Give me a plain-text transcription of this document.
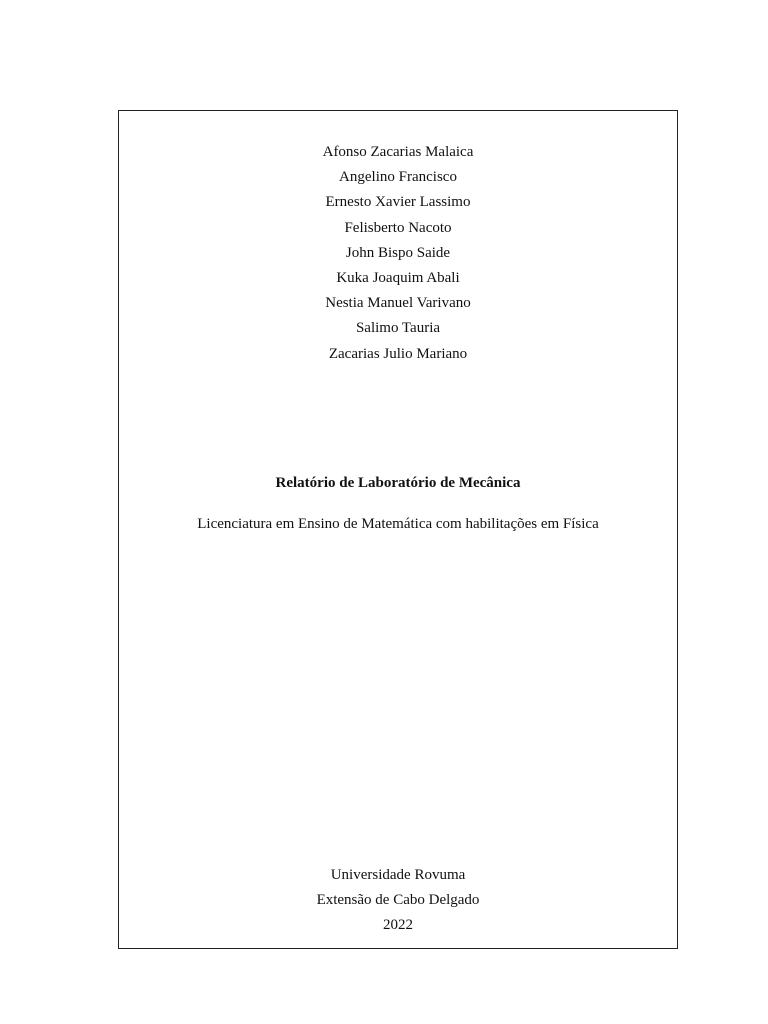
Afonso Zacarias Malaica
Angelino Francisco
Ernesto Xavier Lassimo
Felisberto Nacoto
John Bispo Saide
Kuka Joaquim Abali
Nestia Manuel Varivano
Salimo Tauria
Zacarias Julio Mariano
Relatório de Laboratório de Mecânica

Licenciatura em Ensino de Matemática com habilitações em Física

Universidade Rovuma
Extensão de Cabo Delgado
2022
